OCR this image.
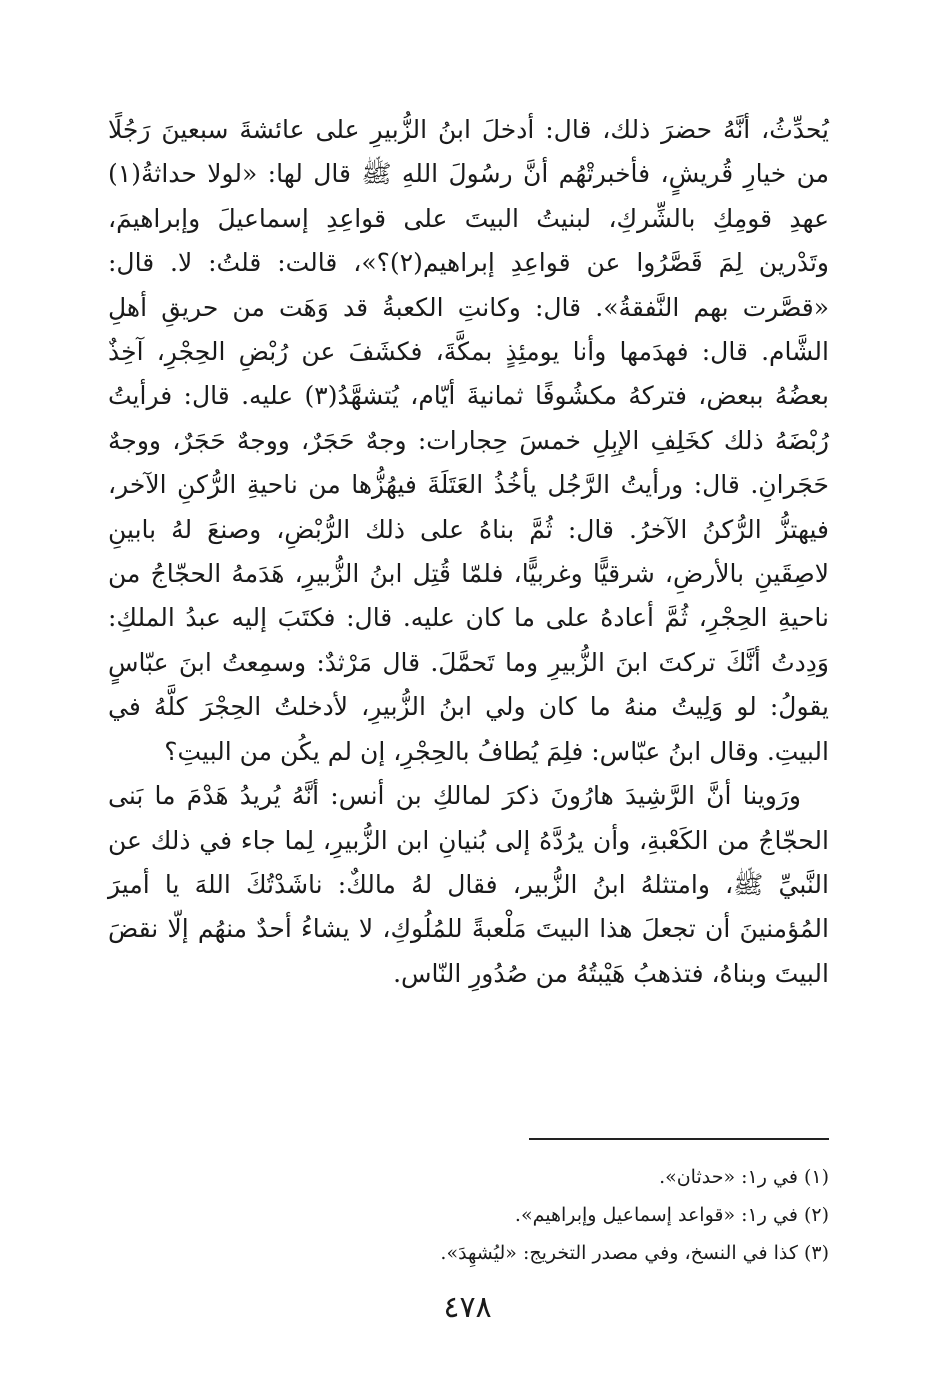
يُحدِّثُ، أنَّهُ حضرَ ذلك، قال: أدخلَ ابنُ الزُّبيرِ على عائشةَ سبعينَ رَجُلًا من خيارِ قُريشٍ، فأخبرتْهُم أنَّ رسُولَ اللهِ ﷺ قال لها: «لولا حداثةُ(١) عهدِ قومِكِ بالشِّركِ، لبنيتُ البيتَ على قواعِدِ إسماعيلَ وإبراهيمَ، وتَدْرين لِمَ قَصَّرُوا عن قواعِدِ إبراهيم(٢)؟»، قالت: قلتُ: لا. قال: «قصَّرت بهم النَّفقةُ». قال: وكانتِ الكعبةُ قد وَهَت من حريقِ أهلِ الشَّام. قال: فهدَمها وأنا يومئِذٍ بمكَّةَ، فكشَفَ عن رُبْضِ الحِجْرِ، آخِذٌ بعضُهُ ببعض، فتركهُ مكشُوفًا ثمانيةَ أيّام، يُتشهَّدُ(٣) عليه. قال: فرأيتُ رُبْضَهُ ذلك كخَلِفِ الإبِلِ خمسَ حِجارات: وجهٌ حَجَرٌ، ووجهٌ حَجَرٌ، ووجهٌ حَجَرانِ. قال: ورأيتُ الرَّجُل يأخُذُ العَتَلَةَ فيهُزُّها من ناحيةِ الرُّكنِ الآخر، فيهتزُّ الرُّكنُ الآخرُ. قال: ثُمَّ بناهُ على ذلك الرُّبْضِ، وصنعَ لهُ بابينِ لاصِقَينِ بالأرضِ، شرقيًّا وغربيًّا، فلمّا قُتِل ابنُ الزُّبيرِ، هَدَمهُ الحجّاجُ من ناحيةِ الحِجْرِ، ثُمَّ أعادهُ على ما كان عليه. قال: فكتَبَ إليه عبدُ الملكِ: وَدِدتُ أنَّكَ تركتَ ابنَ الزُّبيرِ وما تَحمَّلَ. قال مَرْثدٌ: وسمِعتُ ابنَ عبّاسٍ يقولُ: لو وَلِيتُ منهُ ما كان ولي ابنُ الزُّبيرِ، لأدخلتُ الحِجْرَ كلَّهُ في البيتِ. وقال ابنُ عبّاس: فلِمَ يُطافُ بالحِجْرِ، إن لم يكُن من البيتِ؟

ورَوينا أنَّ الرَّشِيدَ هارُونَ ذكرَ لمالكِ بن أنس: أنَّهُ يُريدُ هَدْمَ ما بَنى الحجّاجُ من الكَعْبةِ، وأن يرُدَّهُ إلى بُنيانِ ابن الزُّبيرِ، لِما جاء في ذلك عن النَّبيِّ ﷺ، وامتثلهُ ابنُ الزُّبير، فقال لهُ مالكٌ: ناشَدْتُكَ اللهَ يا أميرَ المُؤمنينَ أن تجعلَ هذا البيتَ مَلْعبةً للمُلُوكِ، لا يشاءُ أحدٌ منهُم إلّا نقضَ البيتَ وبناهُ، فتذهبُ هَيْبتُهُ من صُدُورِ النّاس.

(١) في ر١: «حدثان».

(٢) في ر١: «قواعد إسماعيل وإبراهيم».

(٣) كذا في النسخ، وفي مصدر التخريج: «ليُشهِدَ».

٤٧٨
